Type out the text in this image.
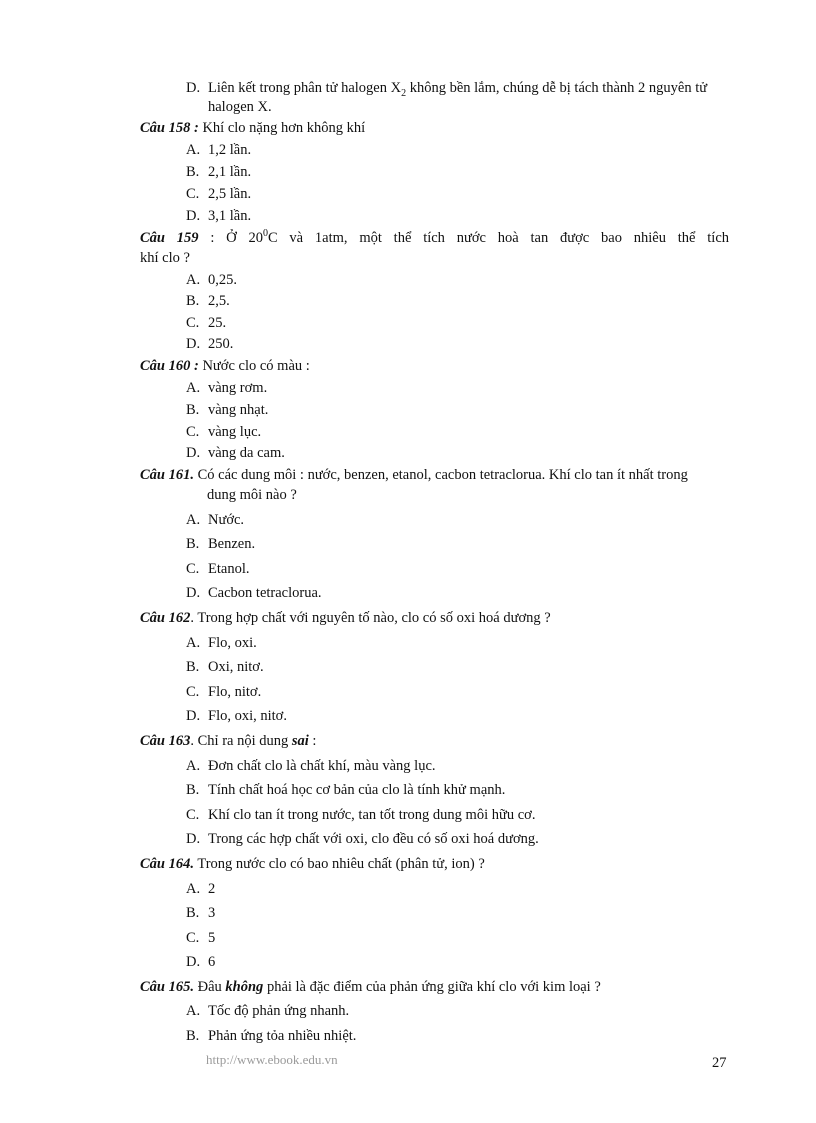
D. Liên kết trong phân tử halogen $X_2$ không bền lắm, chúng dễ bị tách thành 2 nguyên tử
halogen X.
Câu 158 : Khí clo nặng hơn không khí
A. 1,2 lần.
B. 2,1 lần.
C. 2,5 lần.
D. 3,1 lần.
Câu 159 : Ở $20^0C$ và 1atm, một thể tích nước hoà tan được bao nhiêu thể tích
khí clo ?
A. 0,25.
B. 2,5.
C. 25.
D. 250.
Câu 160 : Nước clo có màu :
A. vàng rơm.
B. vàng nhạt.
C. vàng lục.
D. vàng da cam.
Câu 161. Có các dung môi : nước, benzen, etanol, cacbon tetraclorua. Khí clo tan ít nhất trong
dung môi nào ?
A. Nước.
B. Benzen.
C. Etanol.
D. Cacbon tetraclorua.
Câu 162. Trong hợp chất với nguyên tố nào, clo có số oxi hoá dương ?
A. Flo, oxi.
B. Oxi, nitơ.
C. Flo, nitơ.
D. Flo, oxi, nitơ.
Câu 163. Chỉ ra nội dung sai :
A. Đơn chất clo là chất khí, màu vàng lục.
B. Tính chất hoá học cơ bản của clo là tính khử mạnh.
C. Khí clo tan ít trong nước, tan tốt trong dung môi hữu cơ.
D. Trong các hợp chất với oxi, clo đều có số oxi hoá dương.
Câu 164. Trong nước clo có bao nhiêu chất (phân tử, ion) ?
A. 2
B. 3
C. 5
D. 6
Câu 165. Đâu không phải là đặc điểm của phản ứng giữa khí clo với kim loại ?
A. Tốc độ phản ứng nhanh.
B. Phản ứng tỏa nhiều nhiệt.
http://www.ebook.edu.vn	27
